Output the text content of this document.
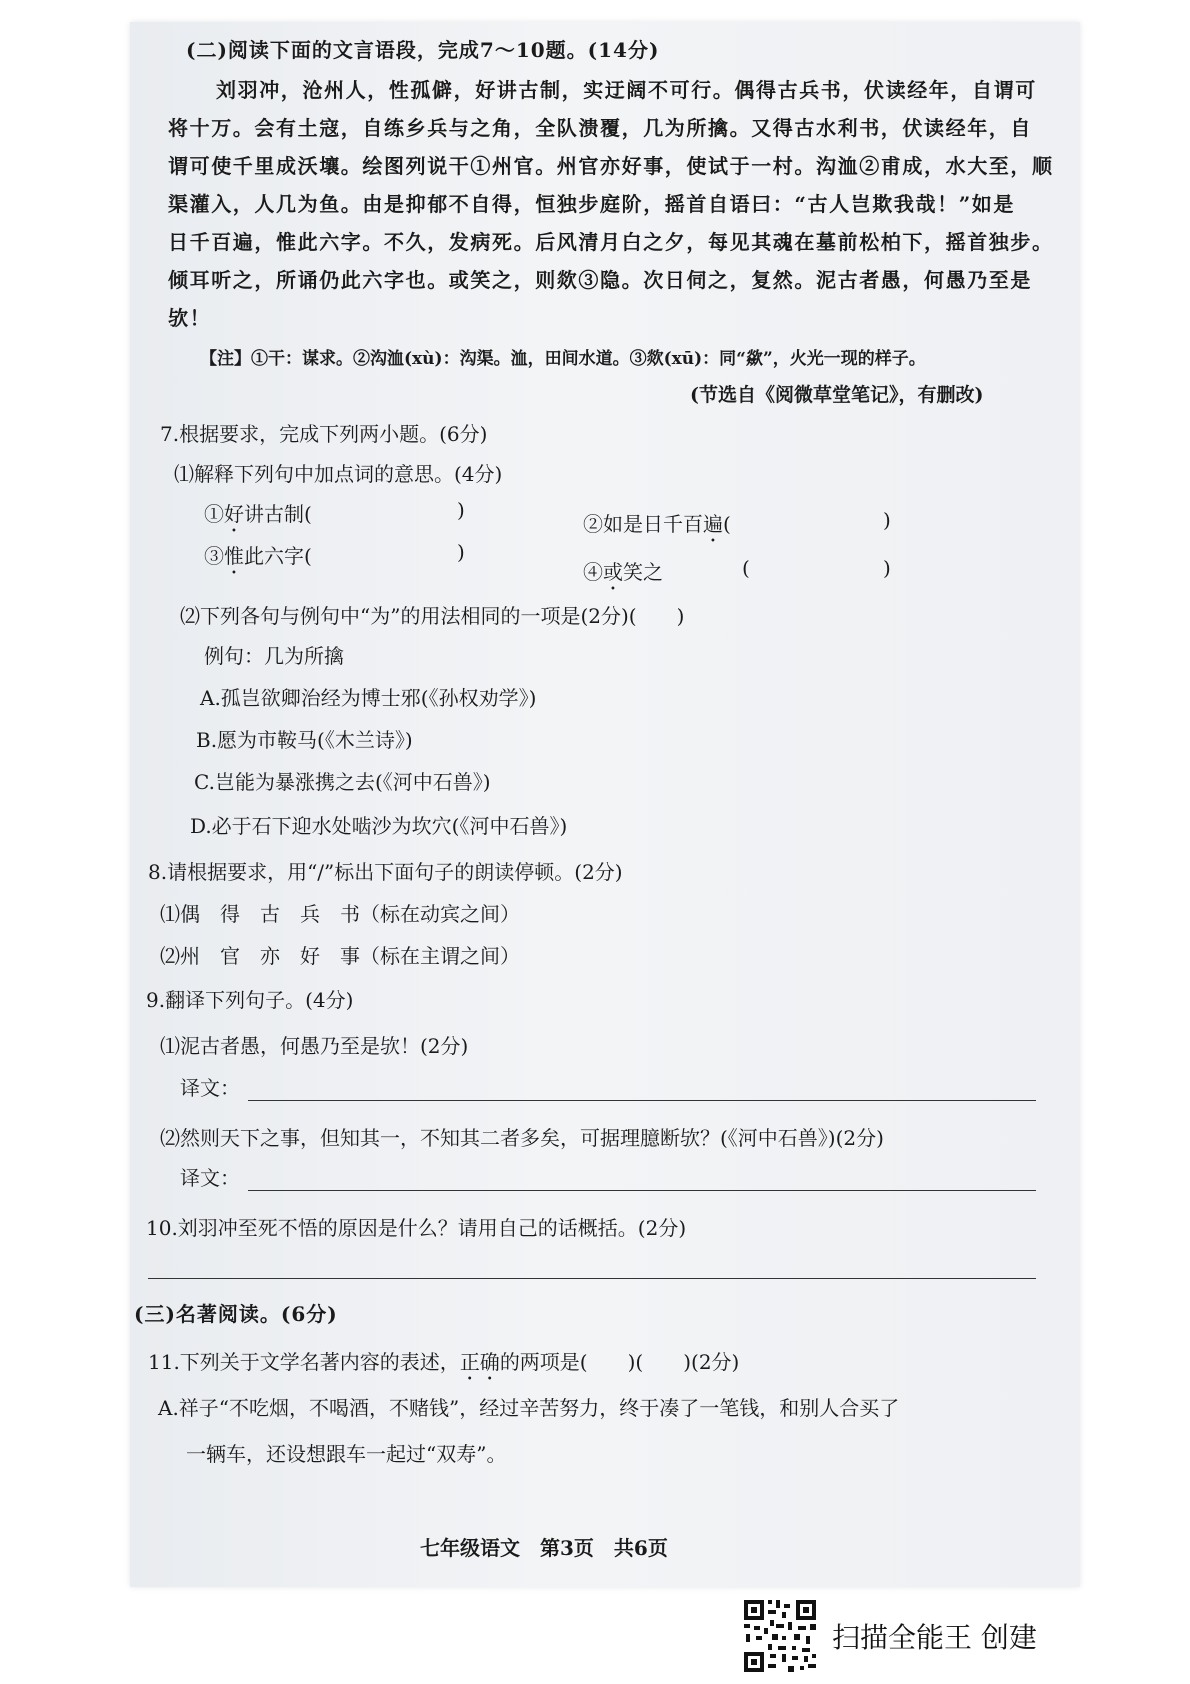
(二)阅读下面的文言语段，完成7～10题。(14分)
刘羽冲，沧州人，性孤僻，好讲古制，实迂阔不可行。偶得古兵书，伏读经年，自谓可
将十万。会有土寇，自练乡兵与之角，全队溃覆，几为所擒。又得古水利书，伏读经年，自
谓可使千里成沃壤。绘图列说干①州官。州官亦好事，使试于一村。沟洫②甫成，水大至，顺
渠灌入，人几为鱼。由是抑郁不自得，恒独步庭阶，摇首自语曰：“古人岂欺我哉！”如是
日千百遍，惟此六字。不久，发病死。后风清月白之夕，每见其魂在墓前松柏下，摇首独步。
倾耳听之，所诵仍此六字也。或笑之，则欻③隐。次日伺之，复然。泥古者愚，何愚乃至是
欤！
【注】①干：谋求。②沟洫(xù)：沟渠。洫，田间水道。③欻(xū)：同“歘”，火光一现的样子。
(节选自《阅微草堂笔记》，有删改)
7.根据要求，完成下列两小题。(6分)
⑴解释下列句中加点词的意思。(4分)
①好讲古制(	)
②如是日千百遍(	)
③惟此六字(	)
④或笑之	(	)
⑵下列各句与例句中“为”的用法相同的一项是(2分)(　　)
例句：几为所擒
A.孤岂欲卿治经为博士邪(《孙权劝学》)
B.愿为市鞍马(《木兰诗》)
C.岂能为暴涨携之去(《河中石兽》)
D.必于石下迎水处啮沙为坎穴(《河中石兽》)
8.请根据要求，用“/”标出下面句子的朗读停顿。(2分)
⑴偶　得　古　兵　书（标在动宾之间）
⑵州　官　亦　好　事（标在主谓之间）
9.翻译下列句子。(4分)
⑴泥古者愚，何愚乃至是欤！(2分)
译文：
⑵然则天下之事，但知其一，不知其二者多矣，可据理臆断欤？(《河中石兽》)(2分)
译文：
10.刘羽冲至死不悟的原因是什么？请用自己的话概括。(2分)
(三)名著阅读。(6分)
11.下列关于文学名著内容的表述，正确的两项是(　　)(　　)(2分)
A.祥子“不吃烟，不喝酒，不赌钱”，经过辛苦努力，终于凑了一笔钱，和别人合买了
一辆车，还设想跟车一起过“双寿”。
七年级语文　第3页　共6页
扫描全能王 创建
